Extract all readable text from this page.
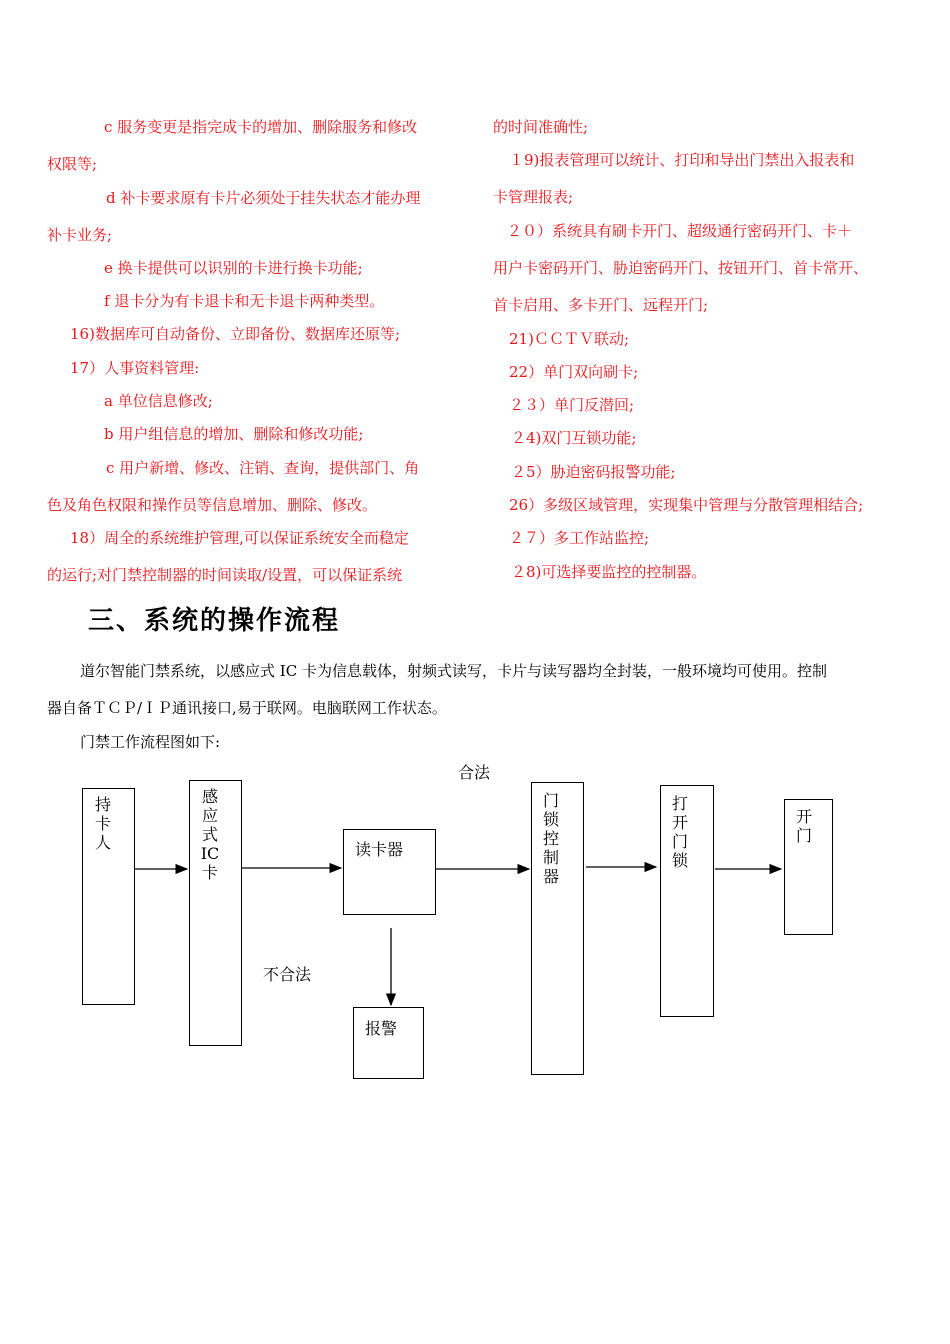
c 服务变更是指完成卡的增加、删除服务和修改
权限等;
d 补卡要求原有卡片必须处于挂失状态才能办理
补卡业务;
e 换卡提供可以识别的卡进行换卡功能;
f 退卡分为有卡退卡和无卡退卡两种类型。
16)数据库可自动备份、立即备份、数据库还原等;
17）人事资料管理:
a 单位信息修改;
b 用户组信息的增加、删除和修改功能;
c 用户新增、修改、注销、查询，提供部门、角
色及角色权限和操作员等信息增加、删除、修改。
18）周全的系统维护管理,可以保证系统安全而稳定
的运行;对门禁控制器的时间读取/设置，可以保证系统
的时间准确性;
１9)报表管理可以统计、打印和导出门禁出入报表和
卡管理报表;
２０）系统具有刷卡开门、超级通行密码开门、卡＋
用户卡密码开门、胁迫密码开门、按钮开门、首卡常开、
首卡启用、多卡开门、远程开门;
21)ＣＣＴＶ联动;
22）单门双向刷卡;
２３）单门反潜回;
２4)双门互锁功能;
２5）胁迫密码报警功能;
26）多级区域管理，实现集中管理与分散管理相结合;
２７）多工作站监控;
２8)可选择要监控的控制器。
三、系统的操作流程
道尔智能门禁系统，以感应式 IC 卡为信息载体，射频式读写，卡片与读写器均全封装，一般环境均可使用。控制
器自备ＴＣＰ/ＩＰ通讯接口,易于联网。电脑联网工作状态。
门禁工作流程图如下:
合法
不合法
持卡人
感应式IC卡
读卡器
报警
门锁控制器
打开门锁
开门
